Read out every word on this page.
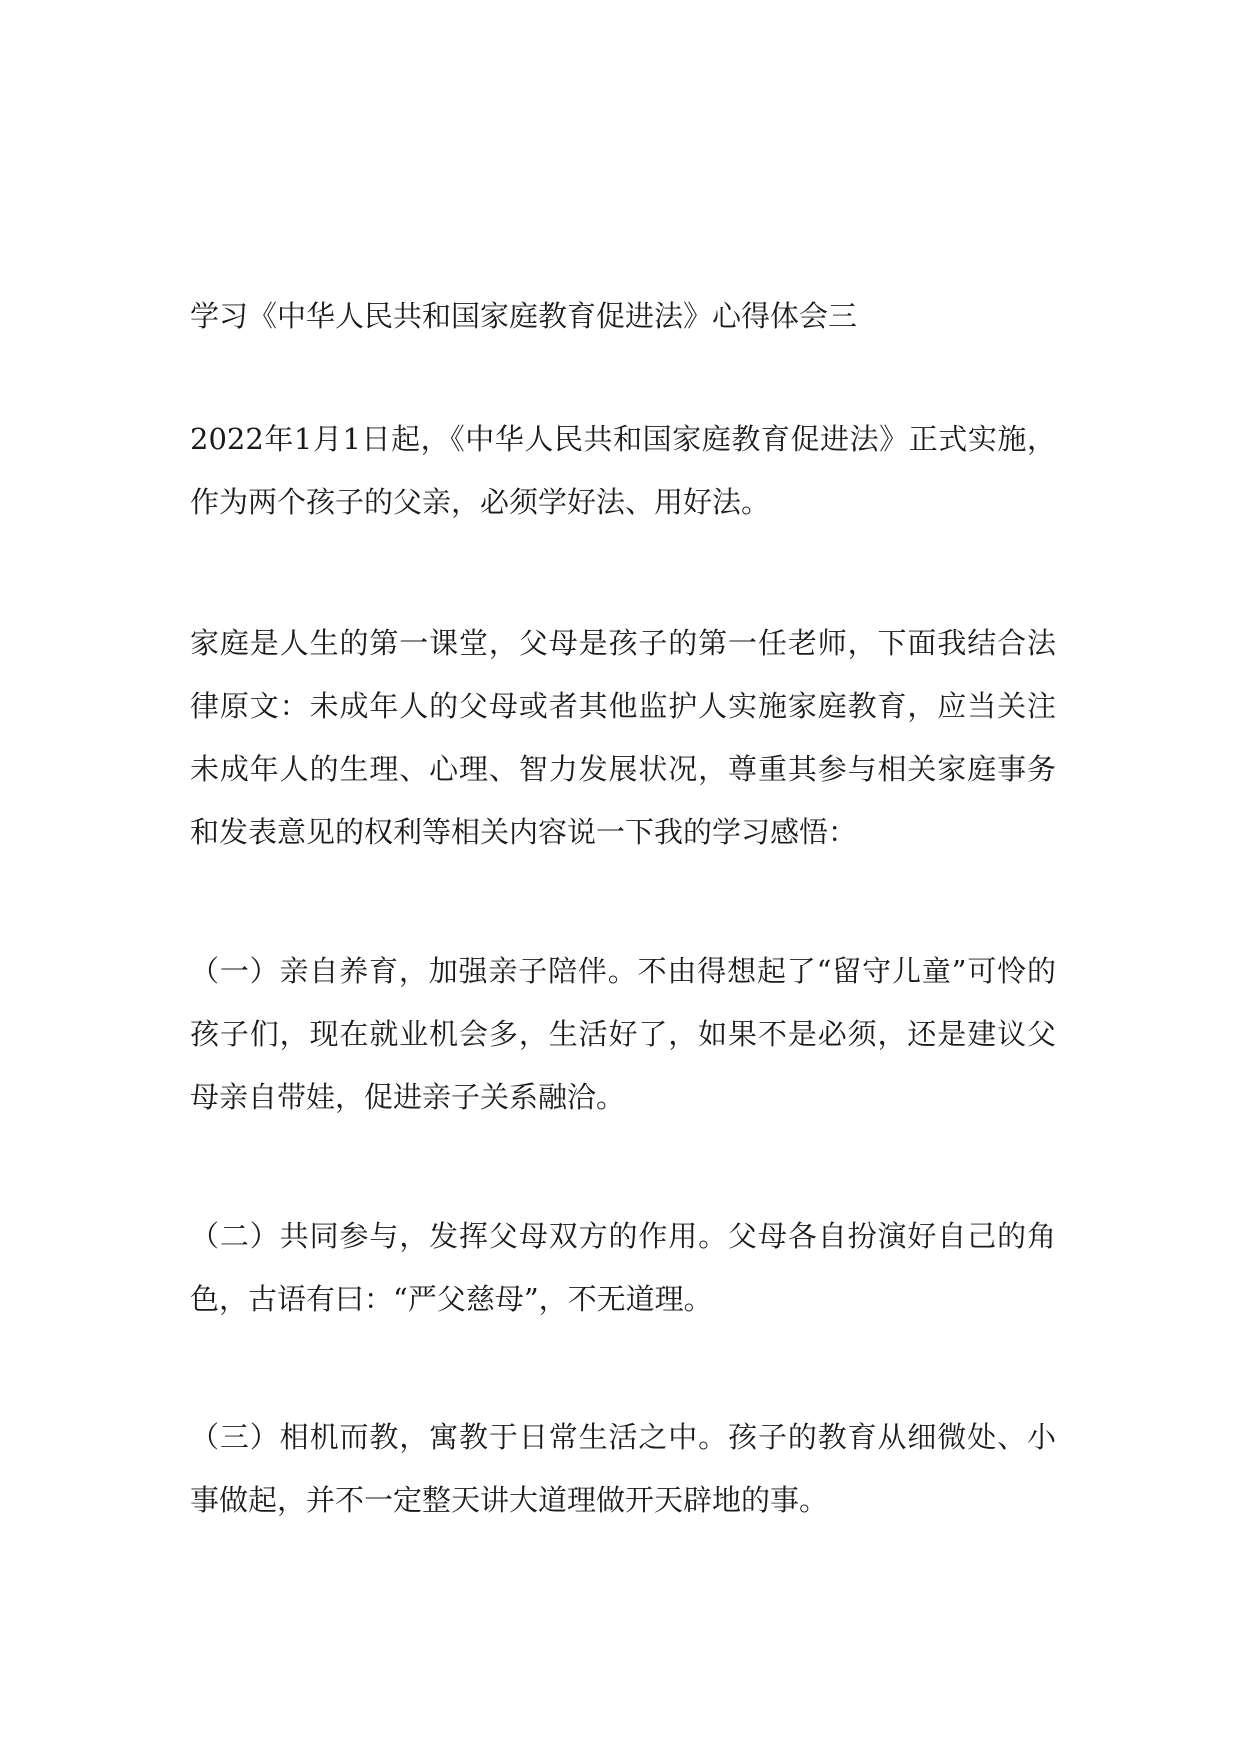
学习《中华人民共和国家庭教育促进法》心得体会三
2022年1月1日起，《中华人民共和国家庭教育促进法》正式实施，作为两个孩子的父亲，必须学好法、用好法。
家庭是人生的第一课堂，父母是孩子的第一任老师，下面我结合法律原文：未成年人的父母或者其他监护人实施家庭教育，应当关注未成年人的生理、心理、智力发展状况，尊重其参与相关家庭事务和发表意见的权利等相关内容说一下我的学习感悟：
（一）亲自养育，加强亲子陪伴。不由得想起了“留守儿童”可怜的孩子们，现在就业机会多，生活好了，如果不是必须，还是建议父母亲自带娃，促进亲子关系融洽。
（二）共同参与，发挥父母双方的作用。父母各自扮演好自己的角色，古语有曰：“严父慈母”，不无道理。
（三）相机而教，寓教于日常生活之中。孩子的教育从细微处、小事做起，并不一定整天讲大道理做开天辟地的事。
